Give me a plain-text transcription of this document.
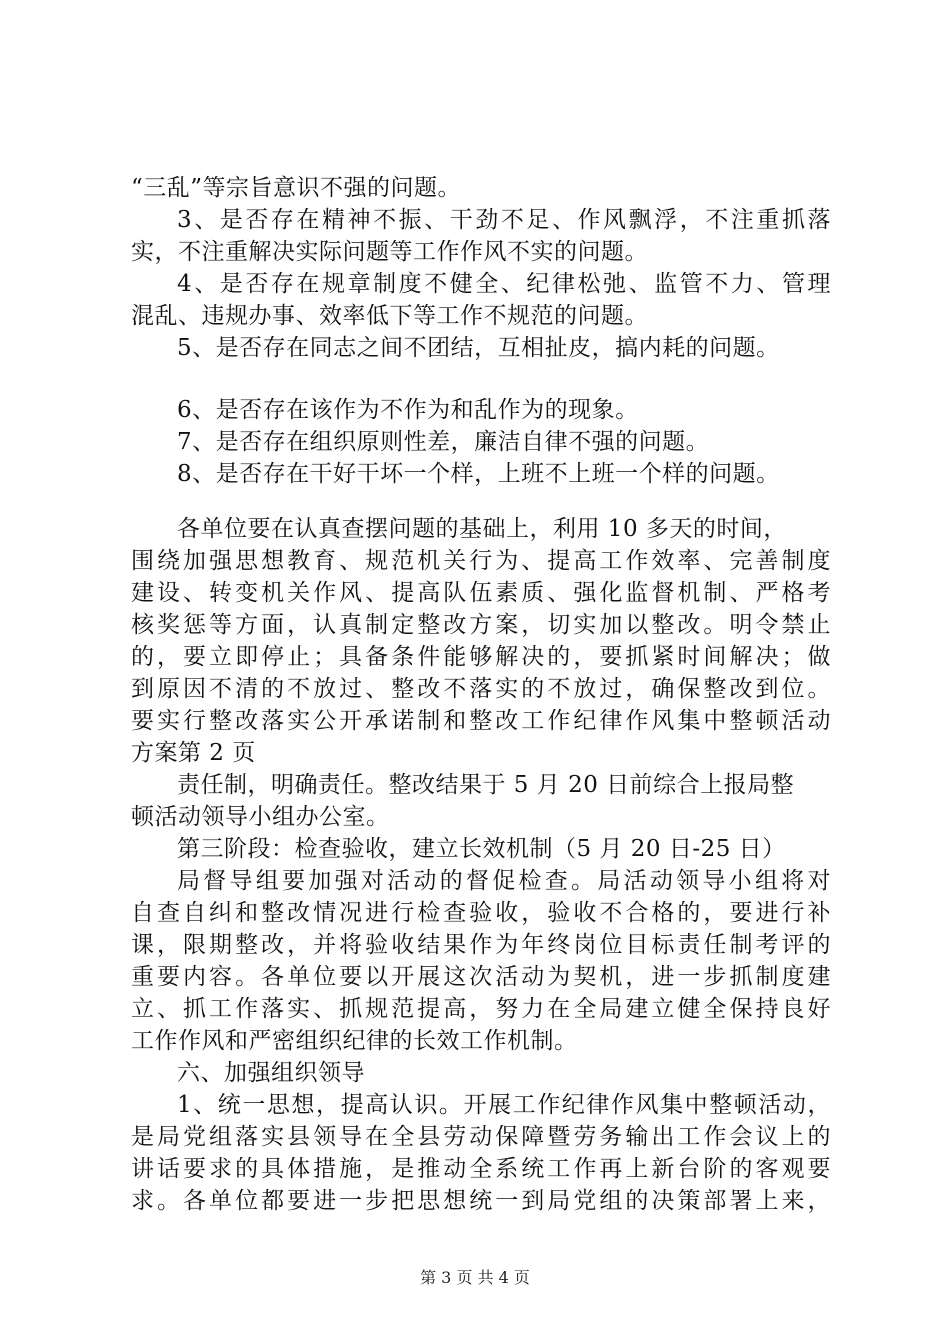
“三乱”等宗旨意识不强的问题。
3、是否存在精神不振、干劲不足、作风飘浮，不注重抓落
实，不注重解决实际问题等工作作风不实的问题。
4、是否存在规章制度不健全、纪律松弛、监管不力、管理
混乱、违规办事、效率低下等工作不规范的问题。
5、是否存在同志之间不团结，互相扯皮，搞内耗的问题。
6、是否存在该作为不作为和乱作为的现象。
7、是否存在组织原则性差，廉洁自律不强的问题。
8、是否存在干好干坏一个样，上班不上班一个样的问题。
各单位要在认真查摆问题的基础上，利用 10 多天的时间，
围绕加强思想教育、规范机关行为、提高工作效率、完善制度
建设、转变机关作风、提高队伍素质、强化监督机制、严格考
核奖惩等方面，认真制定整改方案，切实加以整改。明令禁止
的，要立即停止；具备条件能够解决的，要抓紧时间解决；做
到原因不清的不放过、整改不落实的不放过，确保整改到位。
要实行整改落实公开承诺制和整改工作纪律作风集中整顿活动
方案第 2 页
责任制，明确责任。整改结果于 5 月 20 日前综合上报局整
顿活动领导小组办公室。
第三阶段：检查验收，建立长效机制（5 月 20 日-25 日）
局督导组要加强对活动的督促检查。局活动领导小组将对
自查自纠和整改情况进行检查验收，验收不合格的，要进行补
课，限期整改，并将验收结果作为年终岗位目标责任制考评的
重要内容。各单位要以开展这次活动为契机，进一步抓制度建
立、抓工作落实、抓规范提高，努力在全局建立健全保持良好
工作作风和严密组织纪律的长效工作机制。
六、加强组织领导
1、统一思想，提高认识。开展工作纪律作风集中整顿活动，
是局党组落实县领导在全县劳动保障暨劳务输出工作会议上的
讲话要求的具体措施，是推动全系统工作再上新台阶的客观要
求。各单位都要进一步把思想统一到局党组的决策部署上来，
第 3 页 共 4 页
